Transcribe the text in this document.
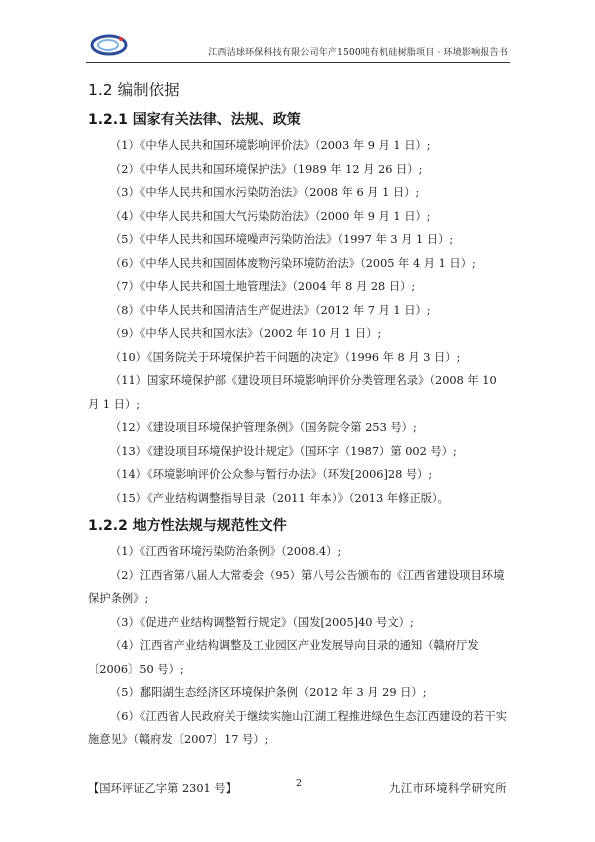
江西洁球环保科技有限公司年产1500吨有机硅树脂项目 · 环境影响报告书
1.2 编制依据
1.2.1 国家有关法律、法规、政策
（1）《中华人民共和国环境影响评价法》（2003 年 9 月 1 日）;
（2）《中华人民共和国环境保护法》（1989 年 12 月 26 日）;
（3）《中华人民共和国水污染防治法》（2008 年 6 月 1 日）;
（4）《中华人民共和国大气污染防治法》（2000 年 9 月 1 日）;
（5）《中华人民共和国环境噪声污染防治法》（1997 年 3 月 1 日）;
（6）《中华人民共和国固体废物污染环境防治法》（2005 年 4 月 1 日）;
（7）《中华人民共和国土地管理法》（2004 年 8 月 28 日）;
（8）《中华人民共和国清洁生产促进法》（2012 年 7 月 1 日）;
（9）《中华人民共和国水法》（2002 年 10 月 1 日）;
（10）《国务院关于环境保护若干问题的决定》（1996 年 8 月 3 日）;
（11）国家环境保护部《建设项目环境影响评价分类管理名录》（2008 年 10 月 1 日）;
（12）《建设项目环境保护管理条例》（国务院令第 253 号）;
（13）《建设项目环境保护设计规定》（国环字（1987）第 002 号）;
（14）《环境影响评价公众参与暂行办法》（环发[2006]28 号）;
（15）《产业结构调整指导目录（2011 年本）》（2013 年修正版）。
1.2.2 地方性法规与规范性文件
（1）《江西省环境污染防治条例》（2008.4）;
（2）江西省第八届人大常委会（95）第八号公告颁布的《江西省建设项目环境保护条例》;
（3）《促进产业结构调整暂行规定》（国发[2005]40 号文）;
（4）江西省产业结构调整及工业园区产业发展导向目录的通知（赣府厅发〔2006〕50 号）;
（5）鄱阳湖生态经济区环境保护条例（2012 年 3 月 29 日）;
（6）《江西省人民政府关于继续实施山江湖工程推进绿色生态江西建设的若干实施意见》（赣府发〔2007〕17 号）;
【国环评证乙字第 2301 号】	2	九江市环境科学研究所
